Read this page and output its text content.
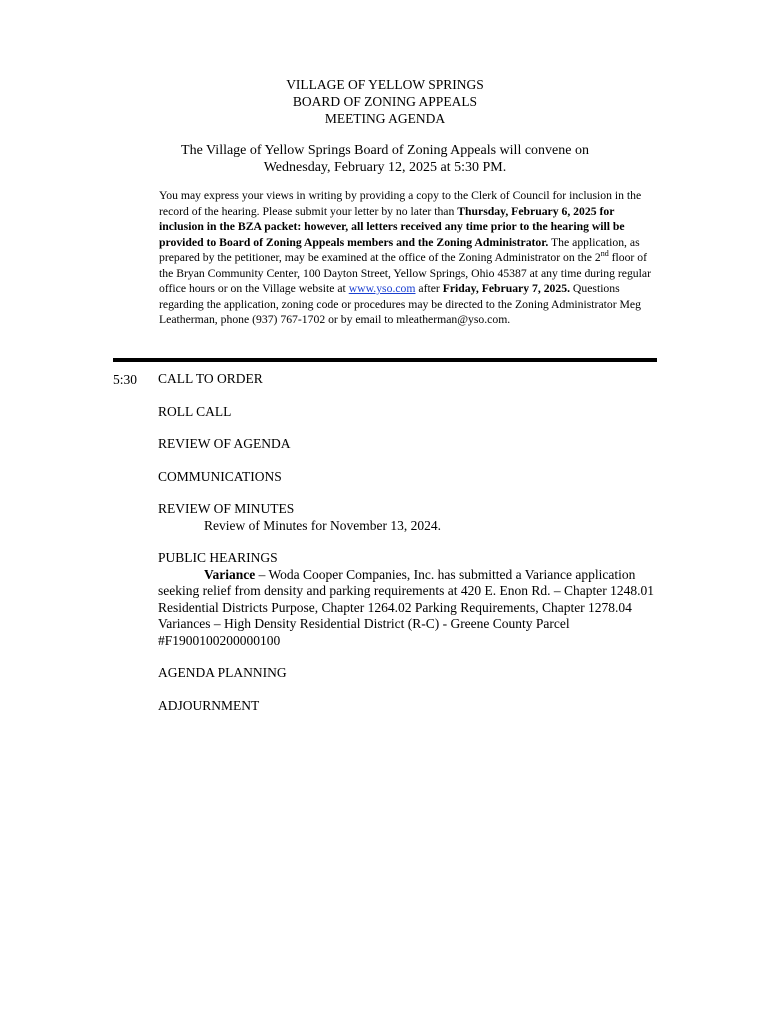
VILLAGE OF YELLOW SPRINGS
BOARD OF ZONING APPEALS
MEETING AGENDA
The Village of Yellow Springs Board of Zoning Appeals will convene on
Wednesday, February 12, 2025 at 5:30 PM.
You may express your views in writing by providing a copy to the Clerk of Council for inclusion in the record of the hearing. Please submit your letter by no later than Thursday, February 6, 2025 for inclusion in the BZA packet: however, all letters received any time prior to the hearing will be provided to Board of Zoning Appeals members and the Zoning Administrator. The application, as prepared by the petitioner, may be examined at the office of the Zoning Administrator on the 2nd floor of the Bryan Community Center, 100 Dayton Street, Yellow Springs, Ohio 45387 at any time during regular office hours or on the Village website at www.yso.com after Friday, February 7, 2025. Questions regarding the application, zoning code or procedures may be directed to the Zoning Administrator Meg Leatherman, phone (937) 767-1702 or by email to mleatherman@yso.com.
5:30 CALL TO ORDER
ROLL CALL
REVIEW OF AGENDA
COMMUNICATIONS
REVIEW OF MINUTES
Review of Minutes for November 13, 2024.
PUBLIC HEARINGS
Variance – Woda Cooper Companies, Inc. has submitted a Variance application seeking relief from density and parking requirements at 420 E. Enon Rd. – Chapter 1248.01 Residential Districts Purpose, Chapter 1264.02 Parking Requirements, Chapter 1278.04 Variances – High Density Residential District (R-C) - Greene County Parcel #F1900100200000100
AGENDA PLANNING
ADJOURNMENT
